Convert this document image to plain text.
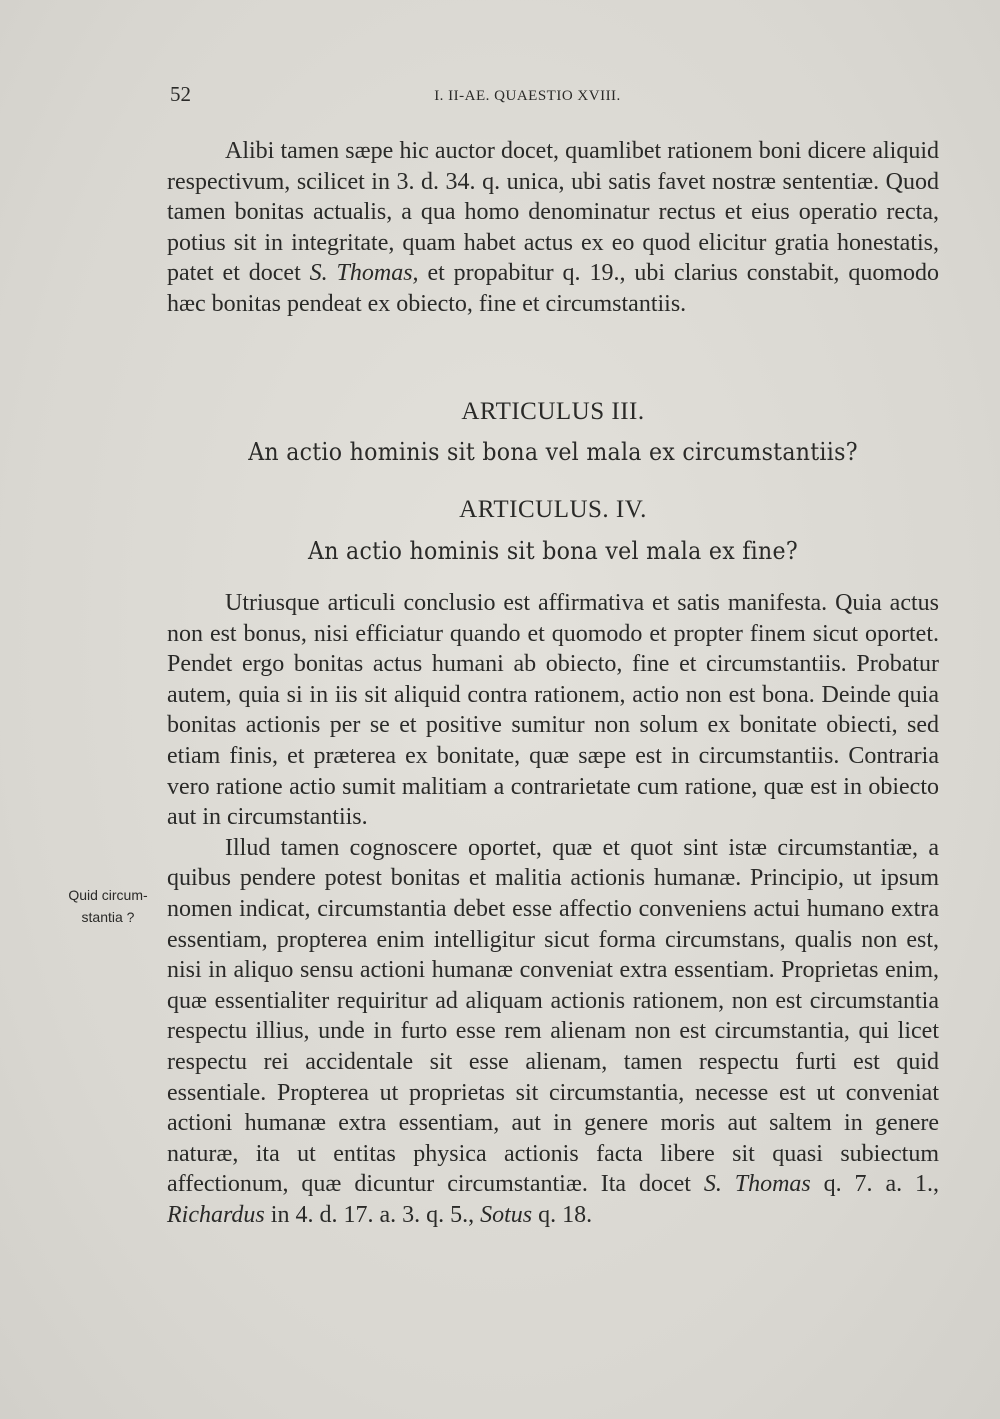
52	I. II-AE. QUAESTIO XVIII.

Alibi tamen sæpe hic auctor docet, quamlibet rationem boni dicere aliquid respectivum, scilicet in 3. d. 34. q. unica, ubi satis favet nostræ sententiæ. Quod tamen bonitas actualis, a qua homo denominatur rectus et eius operatio recta, potius sit in integritate, quam habet actus ex eo quod elicitur gratia honestatis, patet et docet S. Thomas, et propabitur q. 19., ubi clarius constabit, quomodo hæc bonitas pendeat ex obiecto, fine et circumstantiis.

ARTICULUS III.
An actio hominis sit bona vel mala ex circumstantiis?
ARTICULUS. IV.
An actio hominis sit bona vel mala ex fine?

Utriusque articuli conclusio est affirmativa et satis manifesta. Quia actus non est bonus, nisi efficiatur quando et quomodo et propter finem sicut oportet. Pendet ergo bonitas actus humani ab obiecto, fine et circumstantiis. Probatur autem, quia si in iis sit aliquid contra rationem, actio non est bona. Deinde quia bonitas actionis per se et positive sumitur non solum ex bonitate obiecti, sed etiam finis, et præterea ex bonitate, quæ sæpe est in circumstantiis. Contraria vero ratione actio sumit malitiam a contrarietate cum ratione, quæ est in obiecto aut in circumstantiis.

Illud tamen cognoscere oportet, quæ et quot sint istæ circumstantiæ, a quibus pendere potest bonitas et malitia actionis humanæ. Principio, ut ipsum nomen indicat, circumstantia debet esse affectio conveniens actui humano extra essentiam, propterea enim intelligitur sicut forma circumstans, qualis non est, nisi in aliquo sensu actioni humanæ conveniat extra essentiam. Proprietas enim, quæ essentialiter requiritur ad aliquam actionis rationem, non est circumstantia respectu illius, unde in furto esse rem alienam non est circumstantia, qui licet respectu rei accidentale sit esse alienam, tamen respectu furti est quid essentiale. Propterea ut proprietas sit circumstantia, necesse est ut conveniat actioni humanæ extra essentiam, aut in genere moris aut saltem in genere naturæ, ita ut entitas physica actionis facta libere sit quasi subiectum affectionum, quæ dicuntur circumstantiæ. Ita docet S. Thomas q. 7. a. 1., Richardus in 4. d. 17. a. 3. q. 5., Sotus q. 18.

Quid circum-
stantia ?
